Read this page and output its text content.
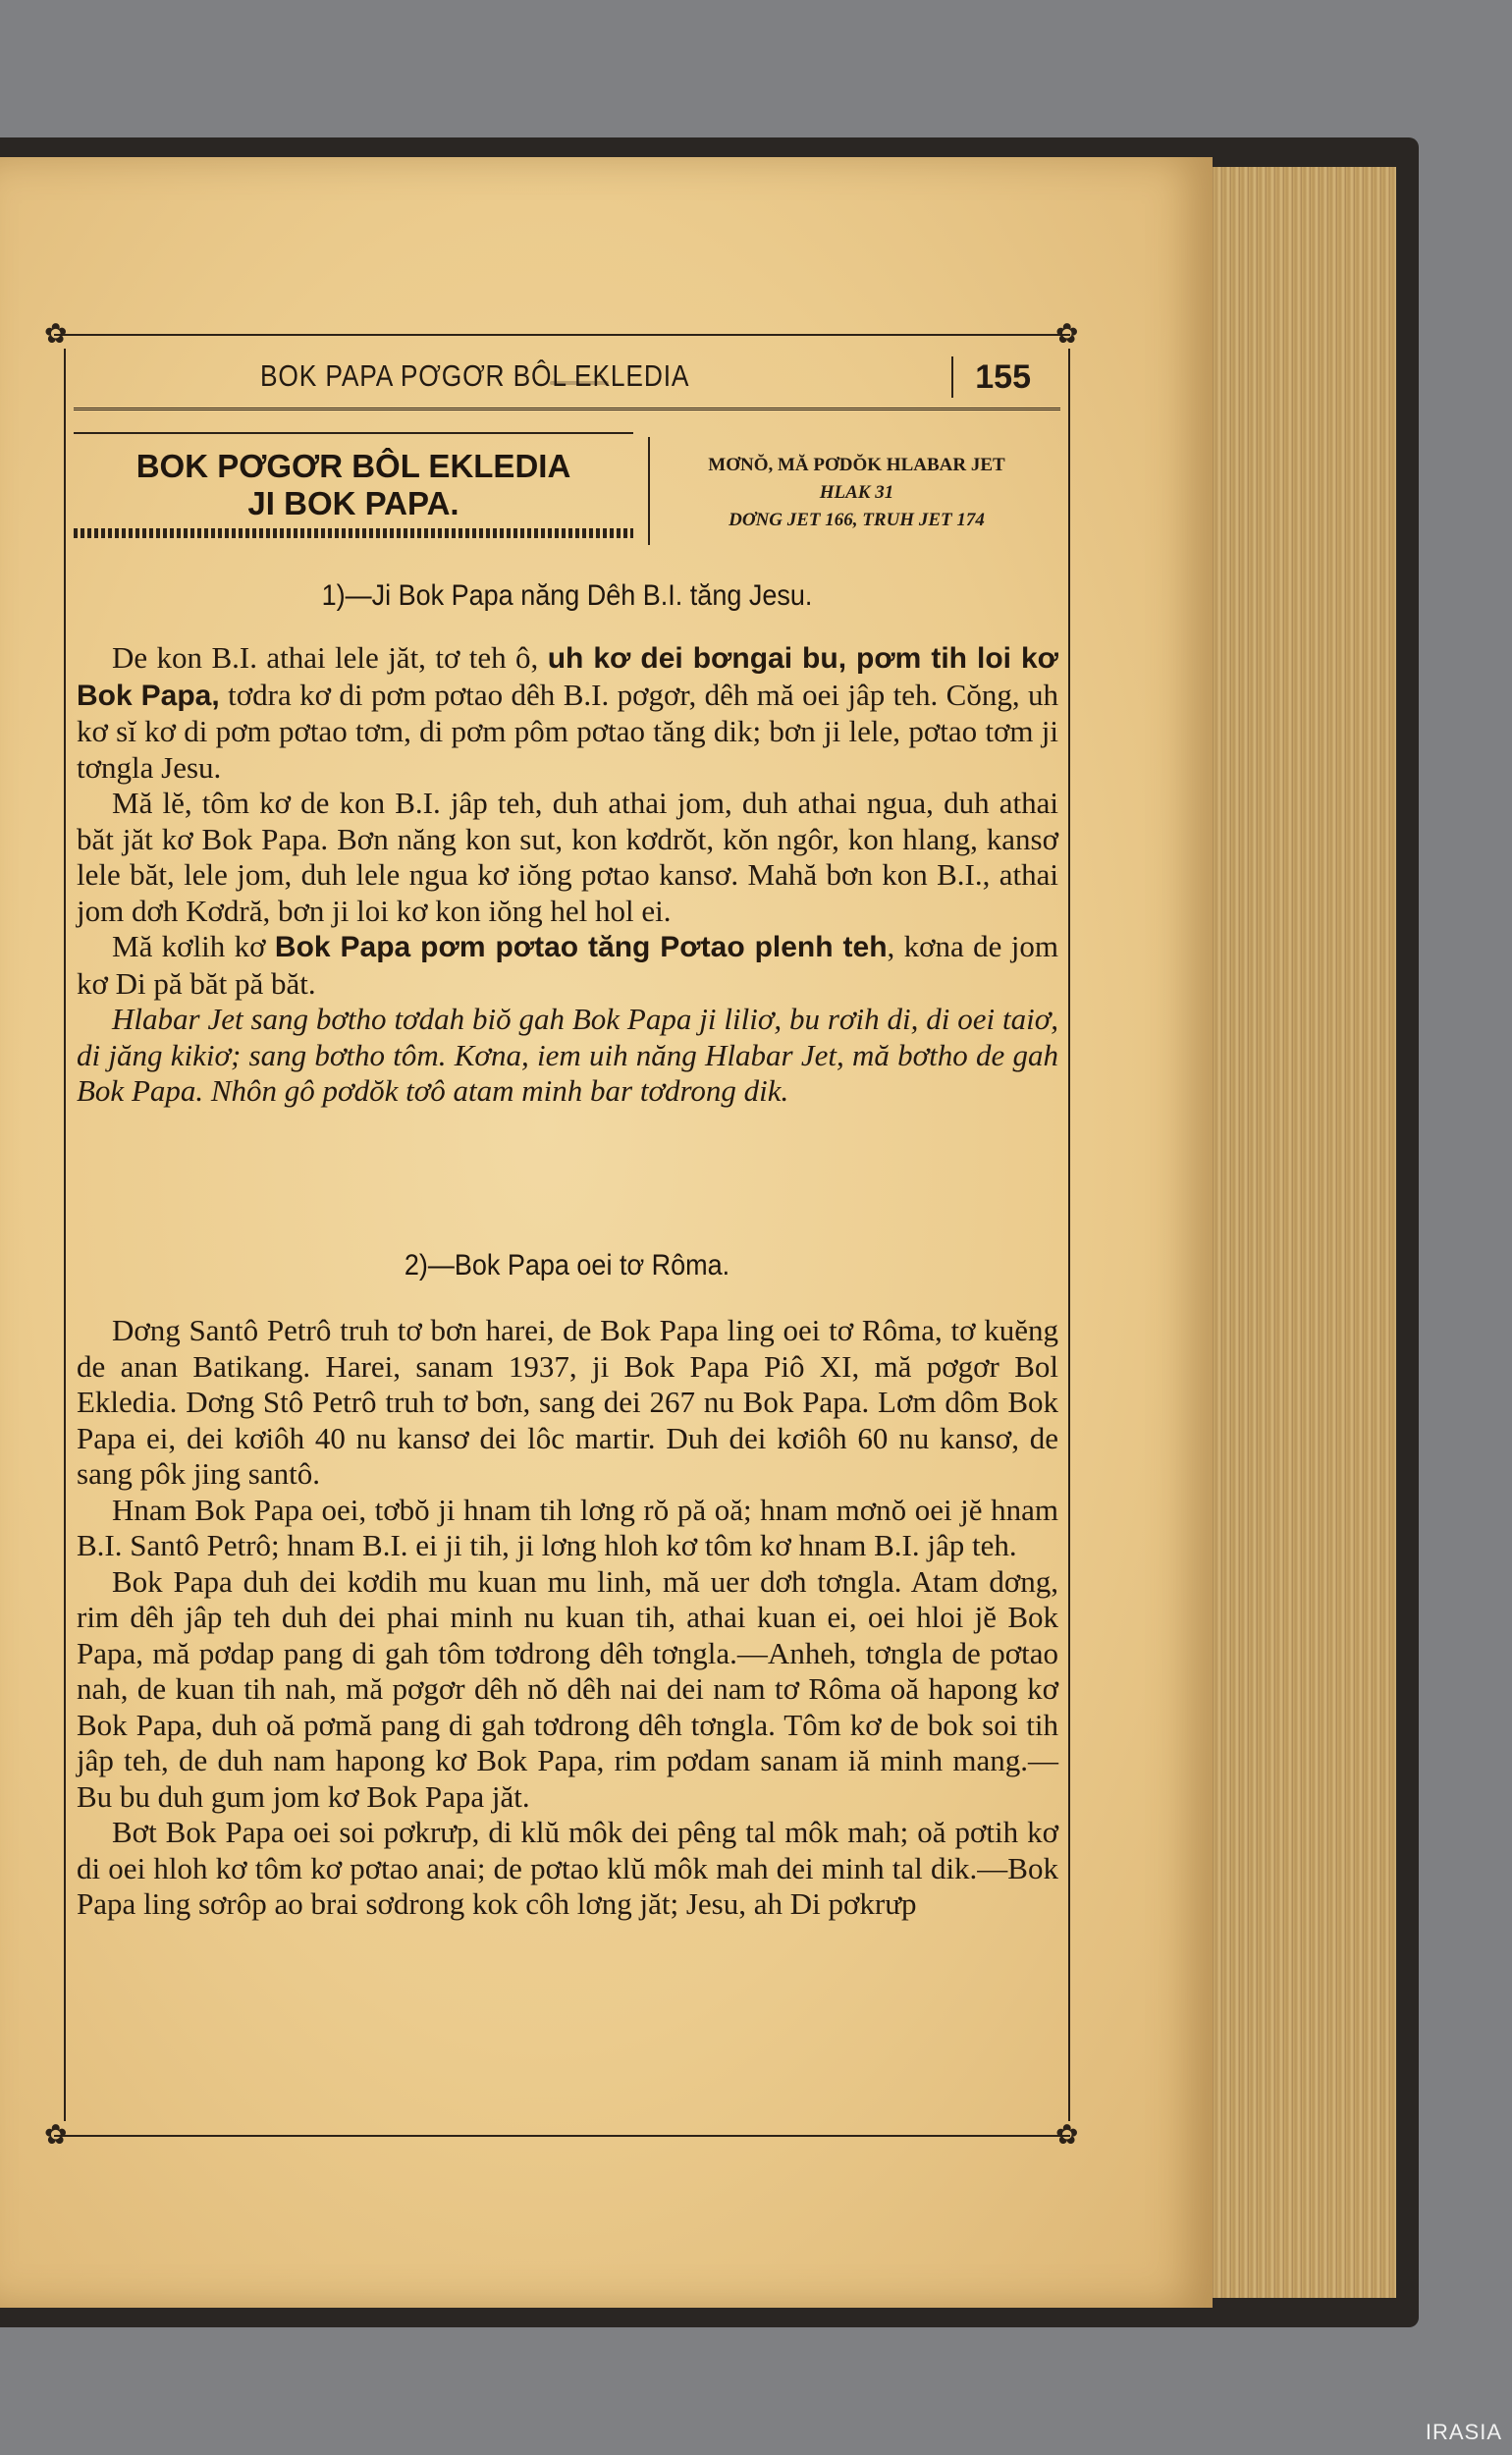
✿	✿
✿	✿
BOK PAPA PƠGƠR BÔL EKLEDIA	155
BOK PƠGƠR BÔL EKLEDIA
JI BOK PAPA.
MƠNŎ, MĂ PƠDŎK HLABAR JET
HLAK 31
DƠNG JET 166, TRUH JET 174
1)—Ji Bok Papa năng Dêh B.I. tăng Jesu.

De kon B.I. athai lele jăt, tơ teh ô, uh kơ dei bơngai bu, pơm tih loi kơ Bok Papa, tơdra kơ di pơm pơtao dêh B.I. pơgơr, dêh mă oei jâp teh. Cŏng, uh kơ sĭ kơ di pơm pơtao tơm, di pơm pôm pơtao tăng dik; bơn ji lele, pơtao tơm ji tơngla Jesu.

Mă lĕ, tôm kơ de kon B.I. jâp teh, duh athai jom, duh athai ngua, duh athai băt jăt kơ Bok Papa. Bơn năng kon sut, kon kơdrŏt, kŏn ngôr, kon hlang, kansơ lele băt, lele jom, duh lele ngua kơ iŏng pơtao kansơ. Mahă bơn kon B.I., athai jom dơh Kơdră, bơn ji loi kơ kon iŏng hel hol ei.

Mă kơlih kơ Bok Papa pơm pơtao tăng Pơtao plenh teh, kơna de jom kơ Di pă băt pă băt.

Hlabar Jet sang bơtho tơdah biŏ gah Bok Papa ji liliơ, bu rơih di, di oei taiơ, di jăng kikiơ; sang bơtho tôm. Kơna, iem uih năng Hlabar Jet, mă bơtho de gah Bok Papa. Nhôn gô pơdŏk tơô atam minh bar tơdrong dik.

2)—Bok Papa oei tơ Rôma.

Dơng Santô Petrô truh tơ bơn harei, de Bok Papa ling oei tơ Rôma, tơ kuĕng de anan Batikang. Harei, sanam 1937, ji Bok Papa Piô XI, mă pơgơr Bol Ekledia. Dơng Stô Petrô truh tơ bơn, sang dei 267 nu Bok Papa. Lơm dôm Bok Papa ei, dei kơiôh 40 nu kansơ dei lôc martir. Duh dei kơiôh 60 nu kansơ, de sang pôk jing santô.

Hnam Bok Papa oei, tơbŏ ji hnam tih lơng rŏ pă oă; hnam mơnŏ oei jĕ hnam B.I. Santô Petrô; hnam B.I. ei ji tih, ji lơng hloh kơ tôm kơ hnam B.I. jâp teh.

Bok Papa duh dei kơdih mu kuan mu linh, mă uer dơh tơngla. Atam dơng, rim dêh jâp teh duh dei phai minh nu kuan tih, athai kuan ei, oei hloi jĕ Bok Papa, mă pơdap pang di gah tôm tơdrong dêh tơngla.—Anheh, tơngla de pơtao nah, de kuan tih nah, mă pơgơr dêh nŏ dêh nai dei nam tơ Rôma oă hapong kơ Bok Papa, duh oă pơmă pang di gah tơdrong dêh tơngla. Tôm kơ de bok soi tih jâp teh, de duh nam hapong kơ Bok Papa, rim pơdam sanam iă minh mang.—Bu bu duh gum jom kơ Bok Papa jăt.

Bơt Bok Papa oei soi pơkrưp, di klŭ môk dei pêng tal môk mah; oă pơtih kơ di oei hloh kơ tôm kơ pơtao anai; de pơtao klŭ môk mah dei minh tal dik.—Bok Papa ling sơrôp ao brai sơdrong kok côh lơng jăt; Jesu, ah Di pơkrưp

IRASIA
